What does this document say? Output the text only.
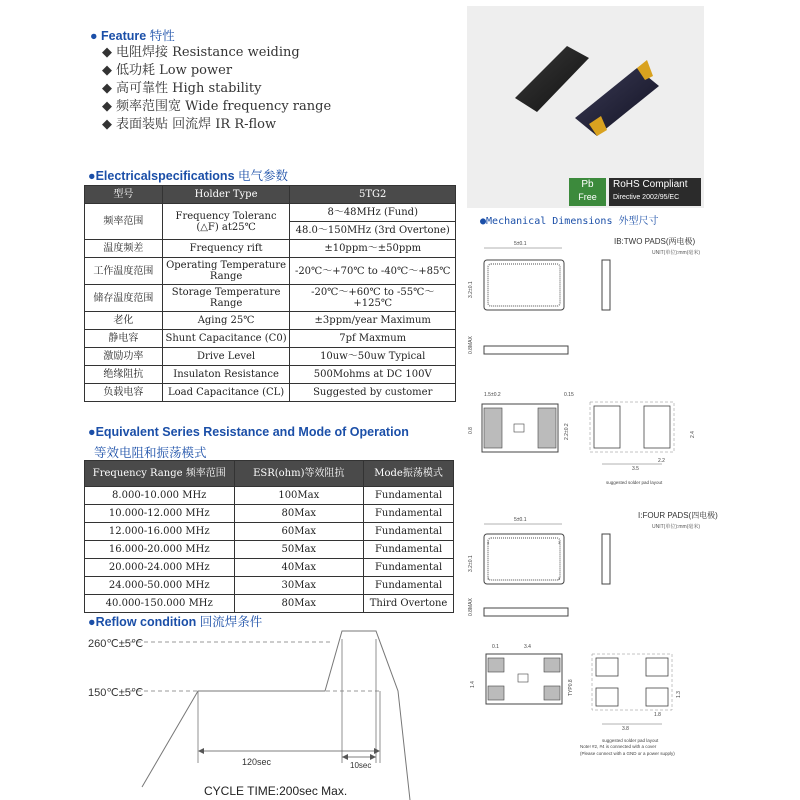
● Feature 特性
◆ 电阻焊接 Resistance weiding
◆ 低功耗 Low power
◆ 高可靠性 High stability
◆ 频率范围宽 Wide frequency range
◆ 表面装贴 回流焊 IR R-flow
●Electricalspecifications 电气参数
型号	Holder Type	5TG2
频率范围	Frequency Toleranc (△F) at25℃	8～48MHz (Fund)
		48.0～150MHz (3rd Overtone)
温度频差	Frequency rift	±10ppm～±50ppm
工作温度范围	Operating Temperature Range	-20℃～+70℃ to -40℃～+85℃
储存温度范围	Storage Temperature Range	-20℃～+60℃ to -55℃～+125℃
老化	Aging 25℃	±3ppm/year Maximum
静电容	Shunt Capacitance (C0)	7pf Maxmum
激励功率	Drive Level	10uw～50uw Typical
绝缘阻抗	Insulaton Resistance	500Mohms at DC 100V
负载电容	Load Capacitance (CL)	Suggested by customer
●Equivalent Series Resistance and Mode of Operation
等效电阻和振荡模式
Frequency Range 频率范围	ESR(ohm)等效阻抗	Mode振荡模式
8.000-10.000 MHz	100Max	Fundamental
10.000-12.000 MHz	80Max	Fundamental
12.000-16.000 MHz	60Max	Fundamental
16.000-20.000 MHz	50Max	Fundamental
20.000-24.000 MHz	40Max	Fundamental
24.000-50.000 MHz	30Max	Fundamental
40.000-150.000 MHz	80Max	Third Overtone
●Reflow condition 回流焊条件
260℃±5℃
150℃±5℃
120sec	10sec
CYCLE TIME:200sec Max.
Pb
Free
RoHS Compliant
Directive 2002/95/EC
●Mechanical Dimensions 外型尺寸
IB:TWO PADS(两电极)
UNIT(单位):mm(毫米)
5±0.1
3.2±0.1
0.8MAX
1.5±0.2	0.15
0.8	2.2±0.2	2.4
3.5
2.2
suggested solder pad layout
I:FOUR PADS(四电极)
UNIT(单位):mm(毫米)
5±0.1
4	3
1	2
3.2±0.1
0.8MAX
0.1	3.4
1.4	TYP0.8	1.3
1.8
3.8
suggested solder pad layout
Note! #2, #4 is connected with a cover
(Please connect with a GND or a power supply)
